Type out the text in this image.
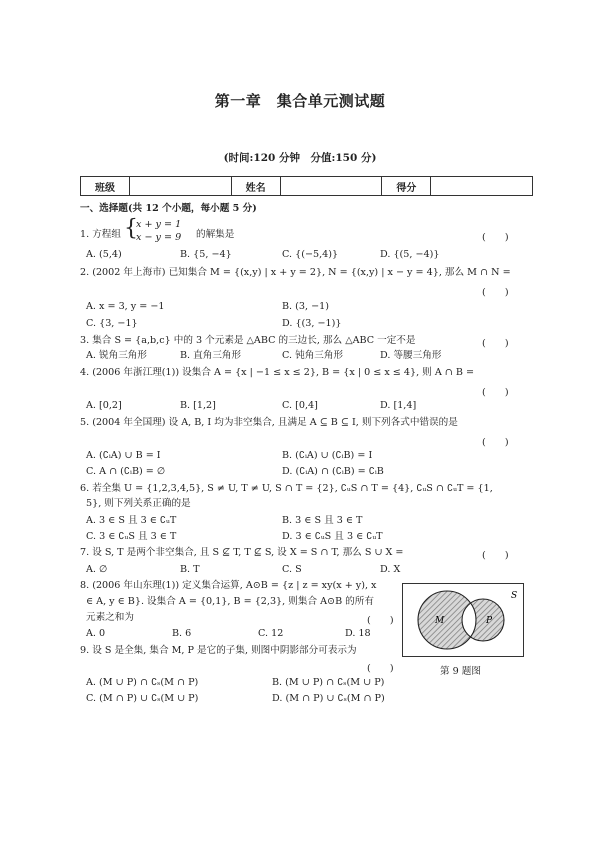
第一章　集合单元测试题
(时间:120 分钟　分值:150 分)
班级		姓名		得分	
一、选择题(共 12 个小题，每小题 5 分)
1. 方程组 {
x + y = 1
x − y = 9 的解集是	(　　)
A. (5,4)	B. {5, −4}	C. {(−5,4)}	D. {(5, −4)}
2. (2002 年上海市) 已知集合 M = {(x,y) | x + y = 2}, N = {(x,y) | x − y = 4}, 那么 M ∩ N =
(　　)
A. x = 3, y = −1	B. (3, −1)
C. {3, −1}	D. {(3, −1)}
3. 集合 S = {a,b,c} 中的 3 个元素是 △ABC 的三边长, 那么 △ABC 一定不是	(　　)
A. 锐角三角形	B. 直角三角形	C. 钝角三角形	D. 等腰三角形
4. (2006 年浙江理(1)) 设集合 A = {x | −1 ≤ x ≤ 2}, B = {x | 0 ≤ x ≤ 4}, 则 A ∩ B =
(　　)
A. [0,2]	B. [1,2]	C. [0,4]	D. [1,4]
5. (2004 年全国理) 设 A, B, I 均为非空集合, 且满足 A ⊆ B ⊆ I, 则下列各式中错误的是
(　　)
A. (∁ᵢA) ∪ B = I	B. (∁ᵢA) ∪ (∁ᵢB) = I
C. A ∩ (∁ᵢB) = ∅	D. (∁ᵢA) ∩ (∁ᵢB) = ∁ᵢB
6. 若全集 U = {1,2,3,4,5}, S ≠ U, T ≠ U, S ∩ T = {2}, ∁ᵤS ∩ T = {4}, ∁ᵤS ∩ ∁ᵤT = {1,
5}, 则下列关系正确的是
A. 3 ∈ S 且 3 ∈ ∁ᵤT	B. 3 ∈ S 且 3 ∈ T
C. 3 ∈ ∁ᵤS 且 3 ∈ T	D. 3 ∈ ∁ᵤS 且 3 ∈ ∁ᵤT
7. 设 S, T 是两个非空集合, 且 S ⊈ T, T ⊈ S, 设 X = S ∩ T, 那么 S ∪ X =	(　　)
A. ∅	B. T	C. S	D. X
8. (2006 年山东理(1)) 定义集合运算, A⊙B = {z | z = xy(x + y), x
∈ A, y ∈ B}. 设集合 A = {0,1}, B = {2,3}, 则集合 A⊙B 的所有
元素之和为	(　　)
A. 0	B. 6	C. 12	D. 18
9. 设 S 是全集, 集合 M, P 是它的子集, 则图中阴影部分可表示为
(　　)
A. (M ∪ P) ∩ ∁ₛ(M ∩ P)	B. (M ∪ P) ∩ ∁ₛ(M ∪ P)
C. (M ∩ P) ∪ ∁ₛ(M ∪ P)	D. (M ∩ P) ∪ ∁ₛ(M ∩ P)
S
M	P
第 9 题图
